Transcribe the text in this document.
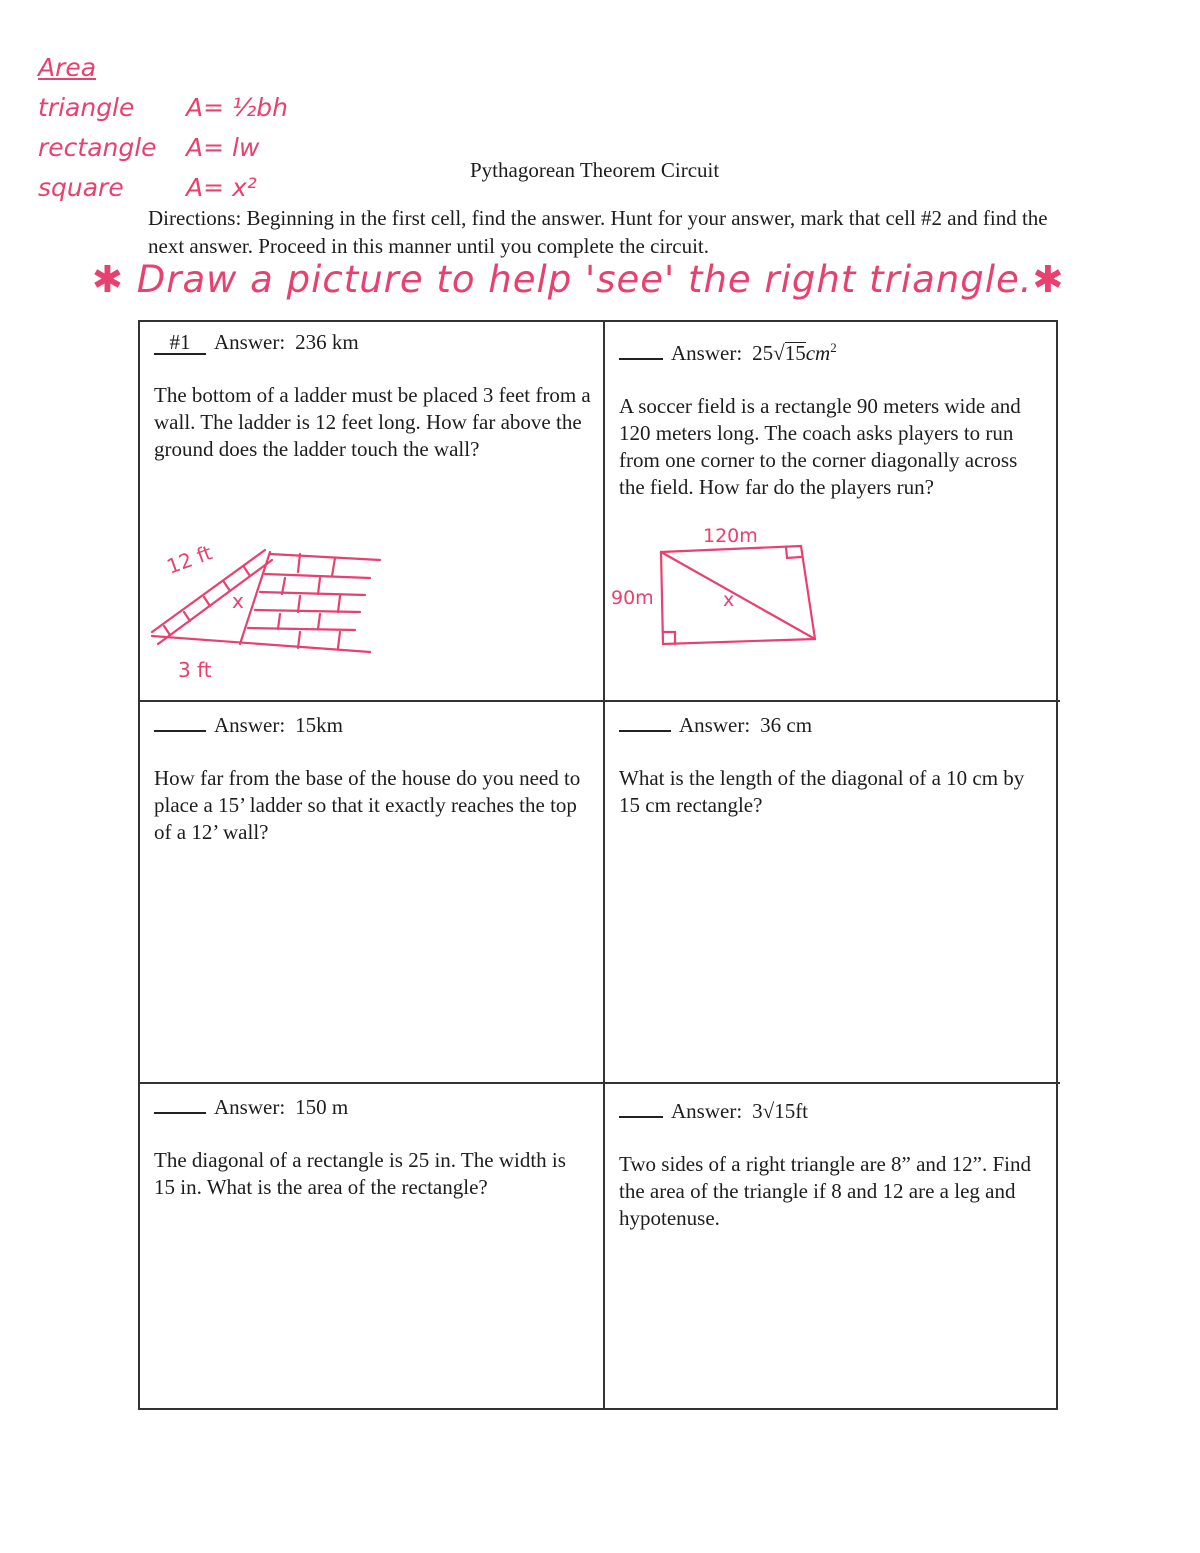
Area
triangle	A= ½bh
rectangle	A= lw
square	A= x²
Pythagorean Theorem Circuit
Directions: Beginning in the first cell, find the answer. Hunt for your answer, mark that cell #2 and find the next answer. Proceed in this manner until you complete the circuit.
✱ Draw a picture to help 'see' the right triangle.✱
#1	Answer: 236 km
The bottom of a ladder must be placed 3 feet from a wall. The ladder is 12 feet long. How far above the ground does the ladder touch the wall?
12 ft
x
3 ft
Answer: $25√15cm^2$
A soccer field is a rectangle 90 meters wide and 120 meters long. The coach asks players to run from one corner to the corner diagonally across the field. How far do the players run?
120m
90m	x
Answer: 15km
How far from the base of the house do you need to place a 15’ ladder so that it exactly reaches the top of a 12’ wall?
Answer: 36 cm
What is the length of the diagonal of a 10 cm by 15 cm rectangle?
Answer: 150 m
The diagonal of a rectangle is 25 in. The width is 15 in. What is the area of the rectangle?
Answer: 3√15ft
Two sides of a right triangle are 8” and 12”. Find the area of the triangle if 8 and 12 are a leg and hypotenuse.
